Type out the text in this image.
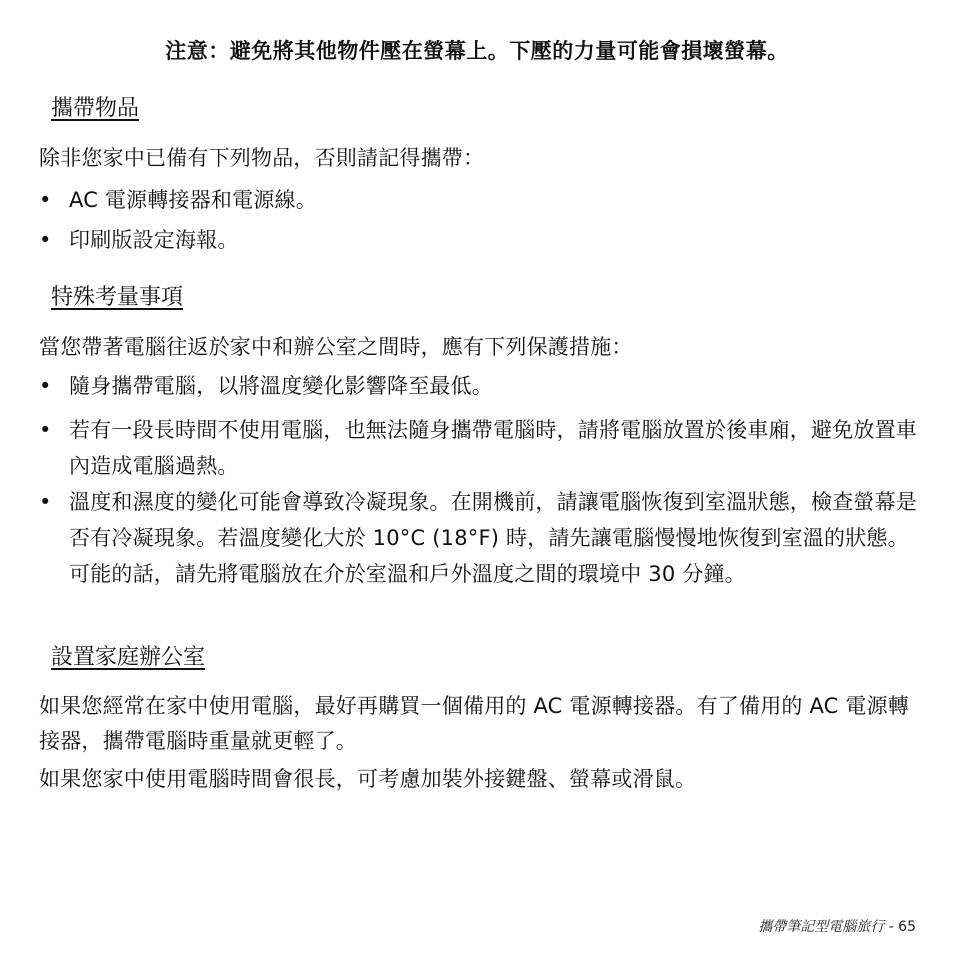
注意：避免將其他物件壓在螢幕上。下壓的力量可能會損壞螢幕。
攜帶物品
除非您家中已備有下列物品，否則請記得攜帶：
• AC 電源轉接器和電源線。
• 印刷版設定海報。
特殊考量事項
當您帶著電腦往返於家中和辦公室之間時，應有下列保護措施：
• 隨身攜帶電腦，以將溫度變化影響降至最低。
• 若有一段長時間不使用電腦，也無法隨身攜帶電腦時，請將電腦放置於後車廂，避免放置車內造成電腦過熱。
• 溫度和濕度的變化可能會導致冷凝現象。在開機前，請讓電腦恢復到室溫狀態，檢查螢幕是否有冷凝現象。若溫度變化大於 10°C (18°F) 時，請先讓電腦慢慢地恢復到室溫的狀態。可能的話，請先將電腦放在介於室溫和戶外溫度之間的環境中 30 分鐘。
設置家庭辦公室
如果您經常在家中使用電腦，最好再購買一個備用的 AC 電源轉接器。有了備用的 AC 電源轉接器，攜帶電腦時重量就更輕了。
如果您家中使用電腦時間會很長，可考慮加裝外接鍵盤、螢幕或滑鼠。
攜帶筆記型電腦旅行 - 65
